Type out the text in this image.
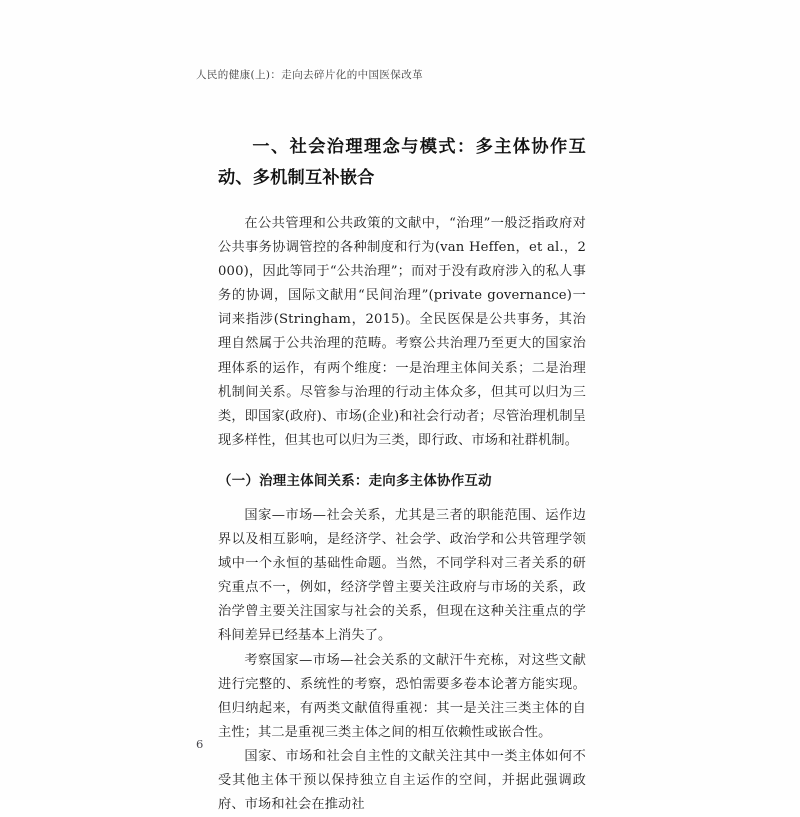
人民的健康(上)：走向去碎片化的中国医保改革
一、社会治理理念与模式：多主体协作互动、多机制互补嵌合

在公共管理和公共政策的文献中，“治理”一般泛指政府对公共事务协调管控的各种制度和行为(van Heffen，et al.，2000)，因此等同于“公共治理”；而对于没有政府涉入的私人事务的协调，国际文献用“民间治理”(private governance)一词来指涉(Stringham，2015)。全民医保是公共事务，其治理自然属于公共治理的范畴。考察公共治理乃至更大的国家治理体系的运作，有两个维度：一是治理主体间关系；二是治理机制间关系。尽管参与治理的行动主体众多，但其可以归为三类，即国家(政府)、市场(企业)和社会行动者；尽管治理机制呈现多样性，但其也可以归为三类，即行政、市场和社群机制。

（一）治理主体间关系：走向多主体协作互动

国家—市场—社会关系，尤其是三者的职能范围、运作边界以及相互影响，是经济学、社会学、政治学和公共管理学领域中一个永恒的基础性命题。当然，不同学科对三者关系的研究重点不一，例如，经济学曾主要关注政府与市场的关系，政治学曾主要关注国家与社会的关系，但现在这种关注重点的学科间差异已经基本上消失了。

考察国家—市场—社会关系的文献汗牛充栋，对这些文献进行完整的、系统性的考察，恐怕需要多卷本论著方能实现。但归纳起来，有两类文献值得重视：其一是关注三类主体的自主性；其二是重视三类主体之间的相互依赖性或嵌合性。

国家、市场和社会自主性的文献关注其中一类主体如何不受其他主体干预以保持独立自主运作的空间，并据此强调政府、市场和社会在推动社

6
